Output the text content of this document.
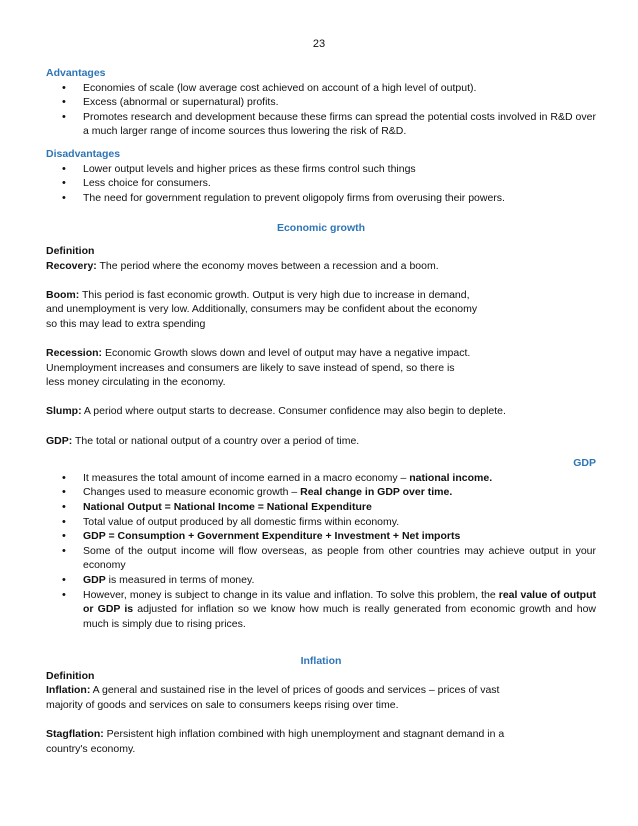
23
Advantages
• Economies of scale (low average cost achieved on account of a high level of output).
• Excess (abnormal or supernatural) profits.
• Promotes research and development because these firms can spread the potential costs involved in R&D over a much larger range of income sources thus lowering the risk of R&D.
Disadvantages
• Lower output levels and higher prices as these firms control such things
• Less choice for consumers.
• The need for government regulation to prevent oligopoly firms from overusing their powers.
Economic growth
Definition
Recovery: The period where the economy moves between a recession and a boom.
Boom: This period is fast economic growth. Output is very high due to increase in demand, and unemployment is very low. Additionally, consumers may be confident about the economy so this may lead to extra spending
Recession: Economic Growth slows down and level of output may have a negative impact. Unemployment increases and consumers are likely to save instead of spend, so there is less money circulating in the economy.
Slump: A period where output starts to decrease. Consumer confidence may also begin to deplete.
GDP: The total or national output of a country over a period of time.
GDP
• It measures the total amount of income earned in a macro economy – national income.
• Changes used to measure economic growth – Real change in GDP over time.
• National Output = National Income = National Expenditure
• Total value of output produced by all domestic firms within economy.
• GDP = Consumption + Government Expenditure + Investment + Net imports
• Some of the output income will flow overseas, as people from other countries may achieve output in your economy
• GDP is measured in terms of money.
• However, money is subject to change in its value and inflation. To solve this problem, the real value of output or GDP is adjusted for inflation so we know how much is really generated from economic growth and how much is simply due to rising prices.
Inflation
Definition
Inflation: A general and sustained rise in the level of prices of goods and services – prices of vast majority of goods and services on sale to consumers keeps rising over time.
Stagflation: Persistent high inflation combined with high unemployment and stagnant demand in a country's economy.
